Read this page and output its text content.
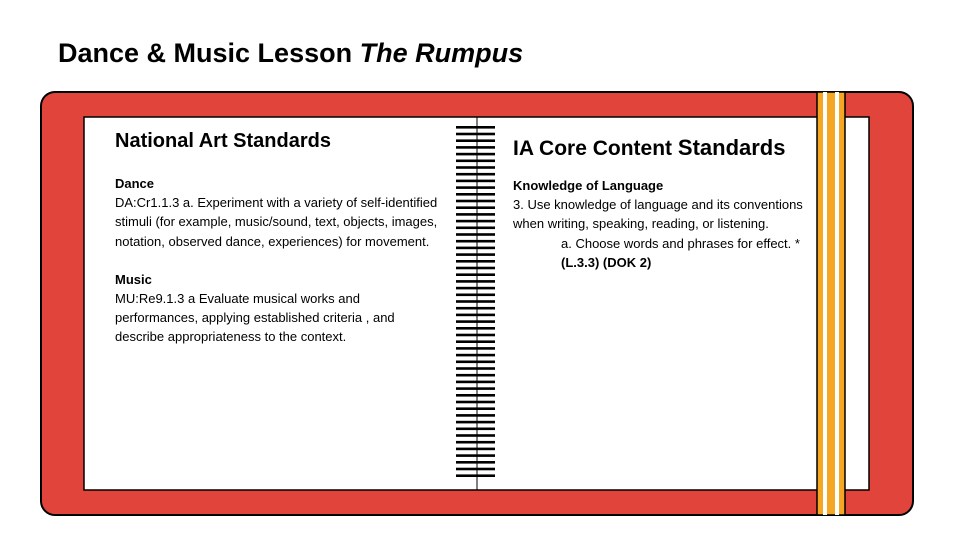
Dance & Music Lesson The Rumpus
National Art Standards
Dance
DA:Cr1.1.3 a. Experiment with a variety of self-identified stimuli (for example, music/sound, text, objects, images, notation, observed dance, experiences) for movement.
Music
MU:Re9.1.3 a Evaluate musical works and performances, applying established criteria , and describe appropriateness to the context.
IA Core Content Standards
Knowledge of Language
3. Use knowledge of language and its conventions when writing, speaking, reading, or listening.
a. Choose words and phrases for effect. * (L.3.3) (DOK 2)
